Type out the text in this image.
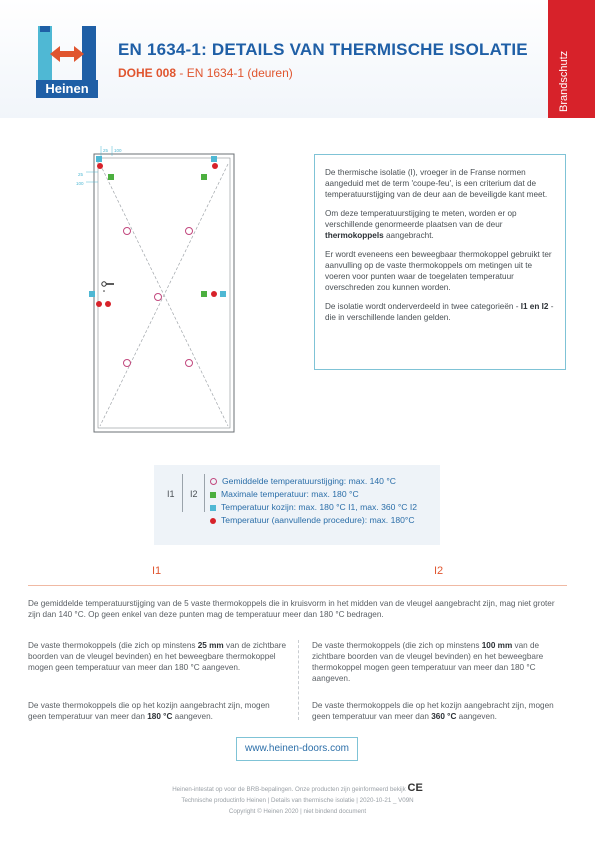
Heinen
EN 1634-1: DETAILS VAN THERMISCHE ISOLATIE
DOHE 008 - EN 1634-1 (deuren)	Brandschutz
25 100
25
100

De thermische isolatie (I), vroeger in de Franse normen aangeduid met de term 'coupe-feu', is een criterium dat de temperatuurstijging van de deur aan de beveiligde kant meet.

Om deze temperatuurstijging te meten, worden er op verschillende genormeerde plaatsen van de deur thermokoppels aangebracht.

Er wordt eveneens een beweegbaar thermokoppel gebruikt ter aanvulling op de vaste thermokoppels om metingen uit te voeren voor punten waar de toegelaten temperatuur overschreden zou kunnen worden.

De isolatie wordt onderverdeeld in twee categorieën - I1 en I2 - die in verschillende landen gelden.

I1 I2
Gemiddelde temperatuurstijging: max. 140 °C
Maximale temperatuur: max. 180 °C
Temperatuur kozijn: max. 180 °C I1, max. 360 °C I2
Temperatuur (aanvullende procedure): max. 180°C
I1	I2
De gemiddelde temperatuurstijging van de 5 vaste thermokoppels die in kruisvorm in het midden van de vleugel aangebracht zijn, mag niet groter zijn dan 140 °C. Op geen enkel van deze punten mag de temperatuur meer dan 180 °C bedragen.
De vaste thermokoppels (die zich op minstens 25 mm van de zichtbare boorden van de vleugel bevinden) en het beweegbare thermokoppel mogen geen temperatuur van meer dan 180 °C aangeven.
De vaste thermokoppels die op het kozijn aangebracht zijn, mogen geen temperatuur van meer dan 180 °C aangeven.
De vaste thermokoppels (die zich op minstens 100 mm van de zichtbare boorden van de vleugel bevinden) en het beweegbare thermokoppel mogen geen temperatuur van meer dan 180 °C aangeven.
De vaste thermokoppels die op het kozijn aangebracht zijn, mogen geen temperatuur van meer dan 360 °C aangeven.
www.heinen-doors.com
Heinen-intestat op voor de BRB-bepalingen. Onze producten zijn geinformeerd bekijk CE
Technische productinfo Heinen | Details van thermische isolatie | 2020-10-21 _ V09N
Copyright © Heinen 2020 | niet bindend document
